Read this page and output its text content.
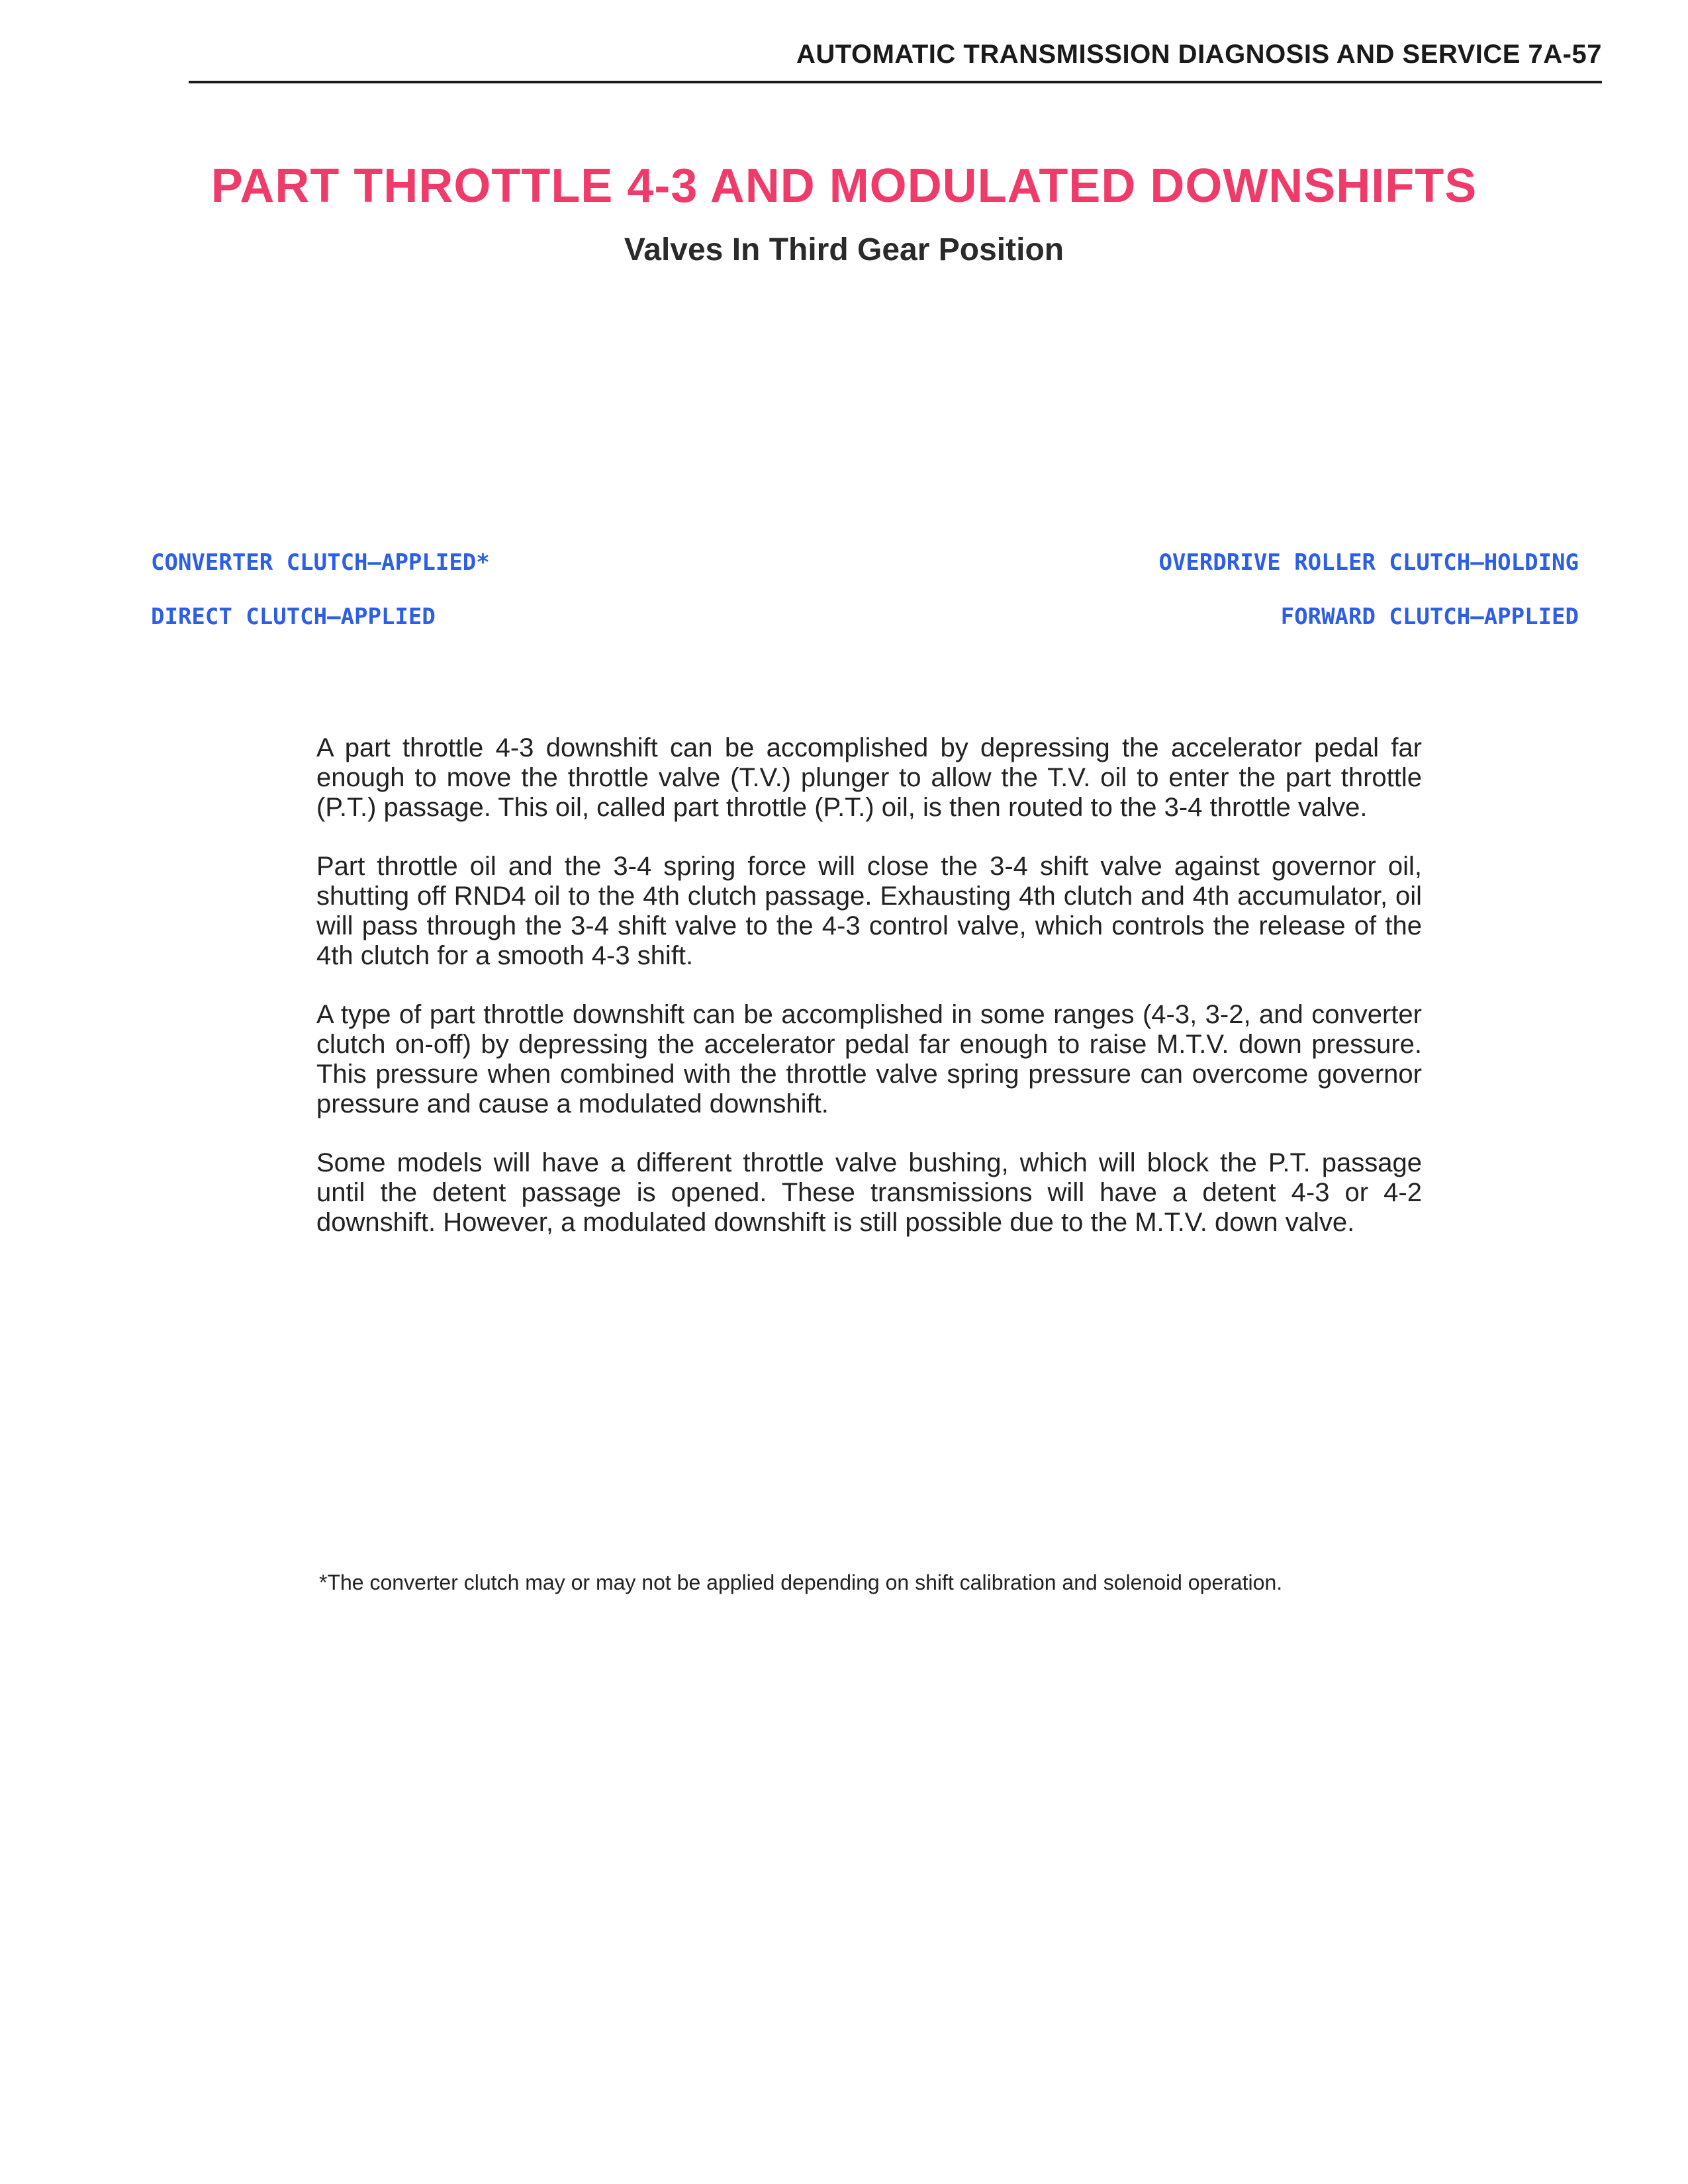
AUTOMATIC TRANSMISSION DIAGNOSIS AND SERVICE 7A-57
PART THROTTLE 4-3 AND MODULATED DOWNSHIFTS
Valves In Third Gear Position
CONVERTER CLUTCH–APPLIED*
DIRECT CLUTCH–APPLIED
OVERDRIVE ROLLER CLUTCH–HOLDING
FORWARD CLUTCH–APPLIED

A part throttle 4-3 downshift can be accomplished by depressing the accelerator pedal far enough to move the throttle valve (T.V.) plunger to allow the T.V. oil to enter the part throttle (P.T.) passage. This oil, called part throttle (P.T.) oil, is then routed to the 3-4 throttle valve.

Part throttle oil and the 3-4 spring force will close the 3-4 shift valve against governor oil, shutting off RND4 oil to the 4th clutch passage. Exhausting 4th clutch and 4th accumulator, oil will pass through the 3-4 shift valve to the 4-3 control valve, which controls the release of the 4th clutch for a smooth 4-3 shift.

A type of part throttle downshift can be accomplished in some ranges (4-3, 3-2, and converter clutch on-off) by depressing the accelerator pedal far enough to raise M.T.V. down pressure. This pressure when combined with the throttle valve spring pressure can overcome governor pressure and cause a modulated downshift.

Some models will have a different throttle valve bushing, which will block the P.T. passage until the detent passage is opened. These transmissions will have a detent 4-3 or 4-2 downshift. However, a modulated downshift is still possible due to the M.T.V. down valve.

*The converter clutch may or may not be applied depending on shift calibration and solenoid operation.
